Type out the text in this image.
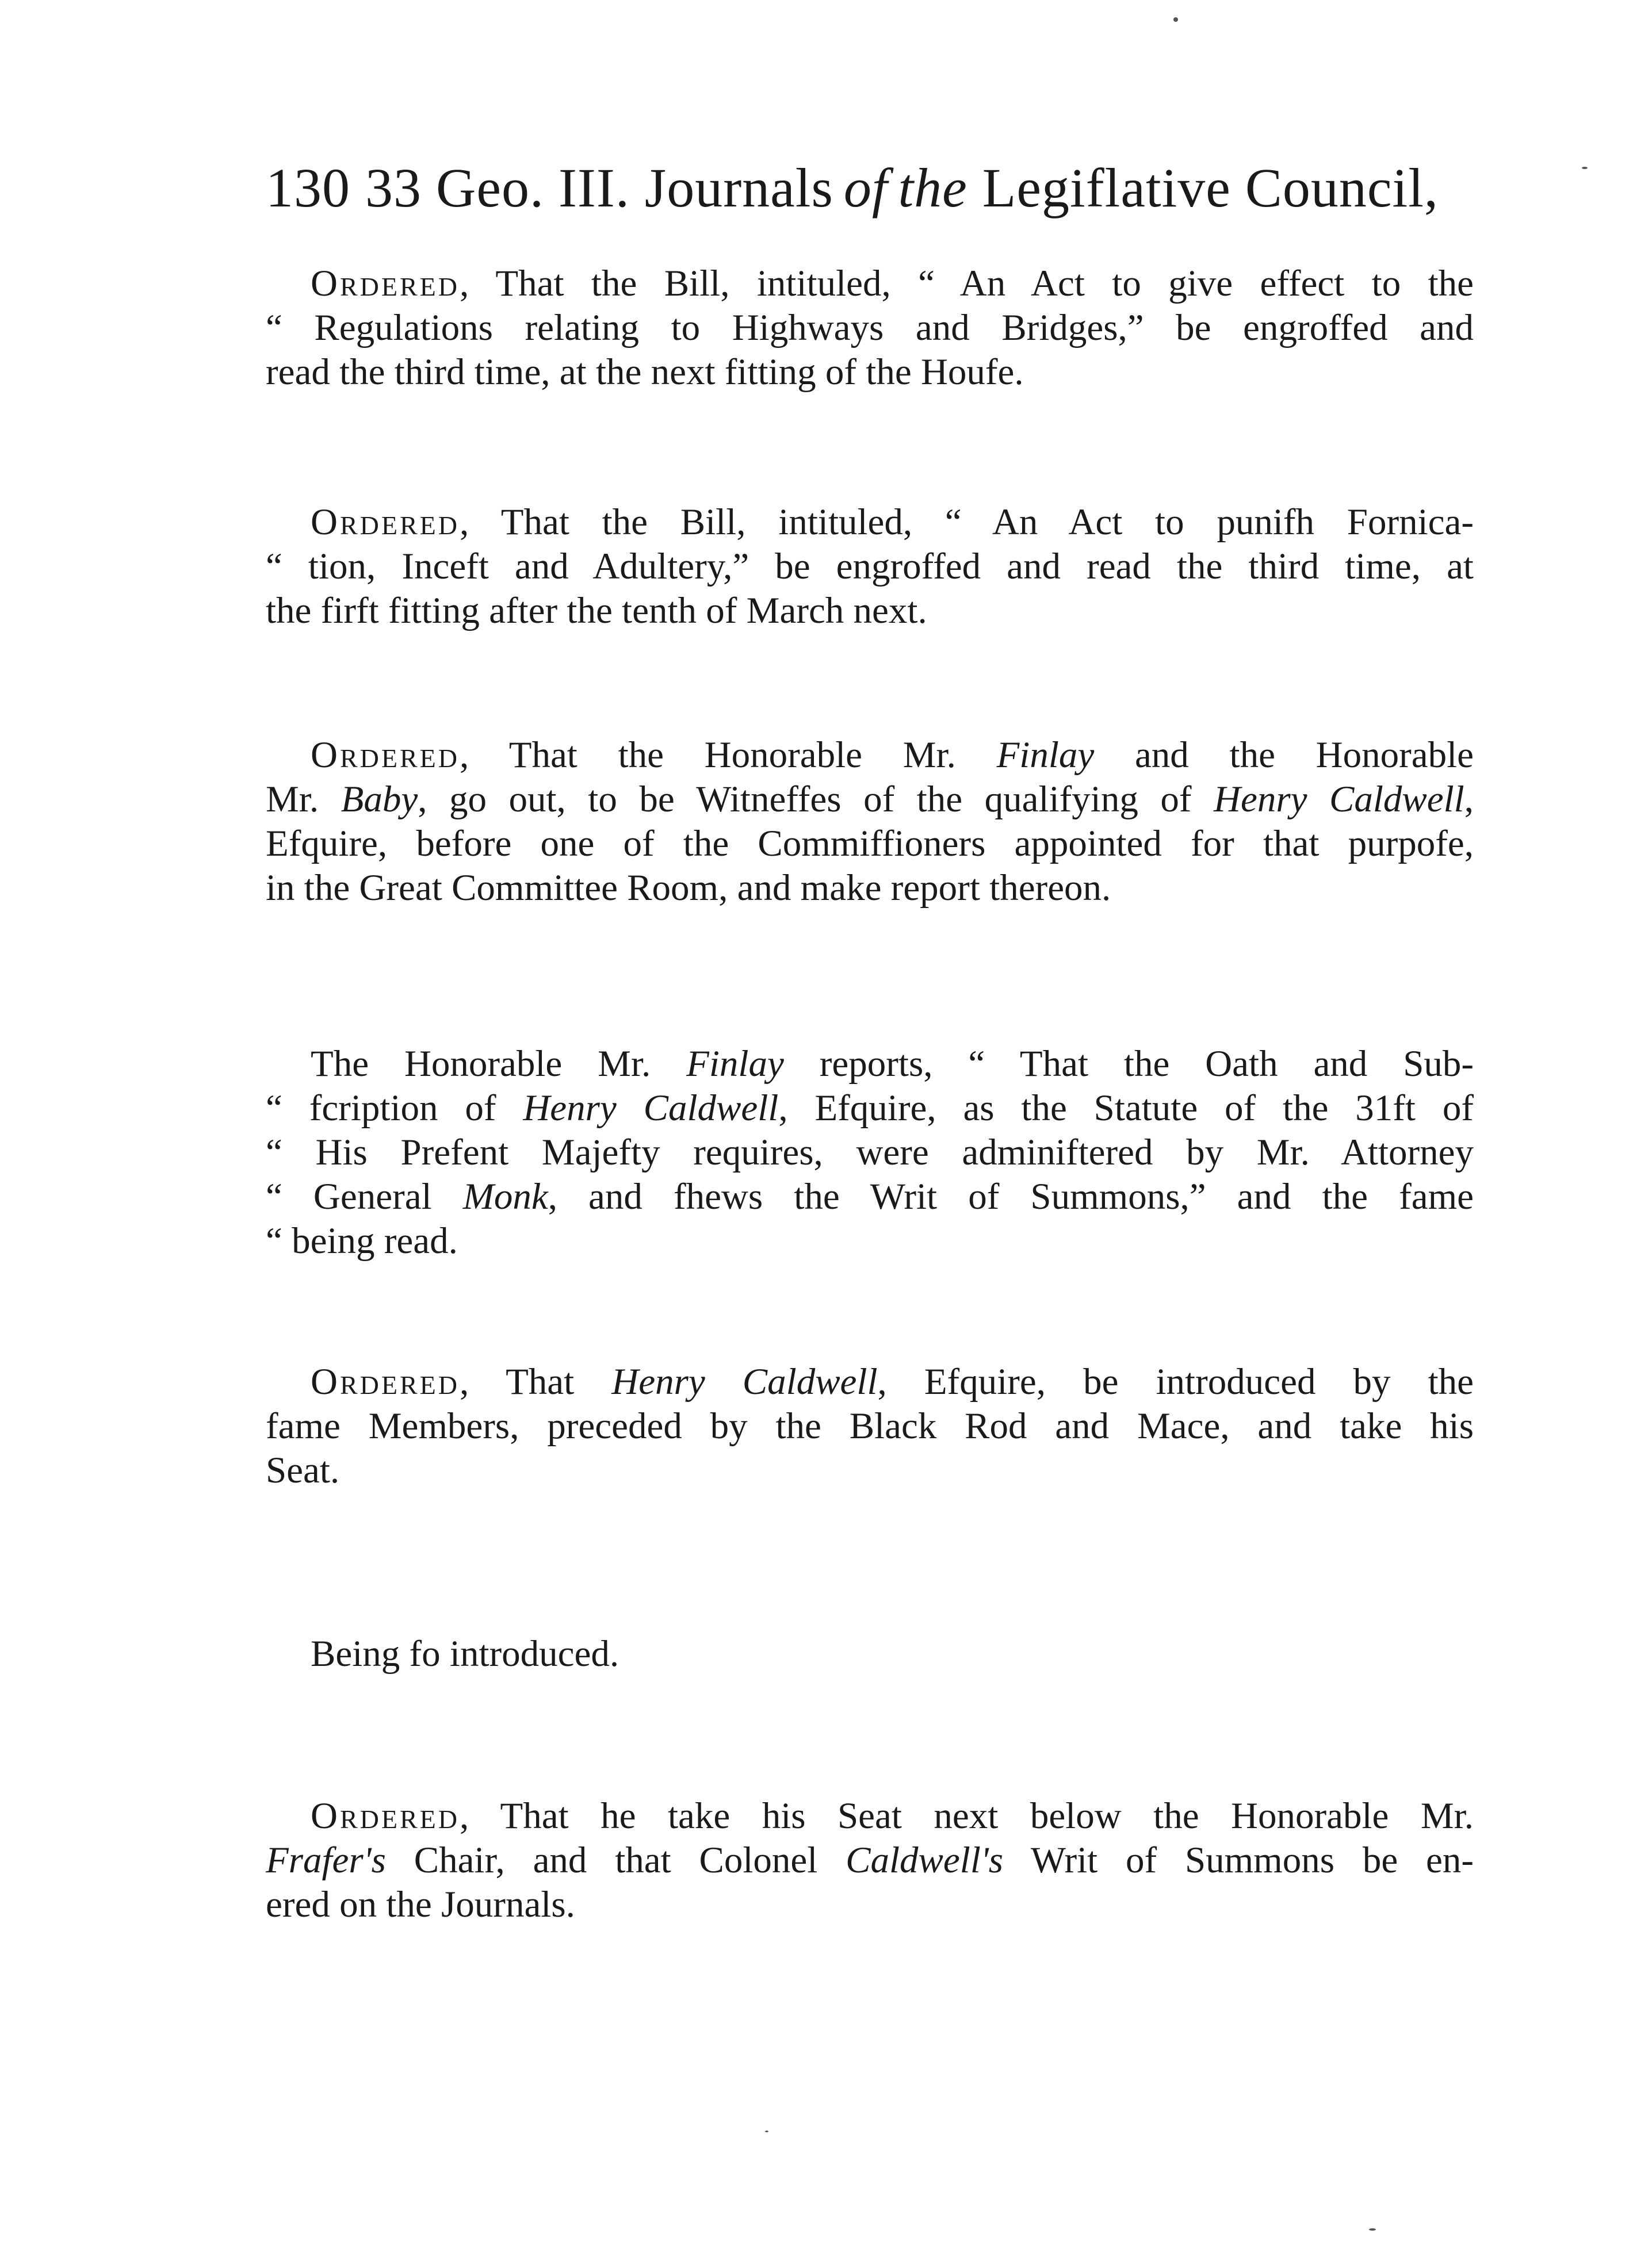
130 33 Geo. III. Journals of the Legiflative Council,
Ordered, That the Bill, intituled, “ An Act to give effect to the
“ Regulations relating to Highways and Bridges,” be engroffed and
read the third time, at the next fitting of the Houfe.
Ordered, That the Bill, intituled, “ An Act to punifh Fornica-
“ tion, Inceft and Adultery,” be engroffed and read the third time, at
the firft fitting after the tenth of March next.
Ordered, That the Honorable Mr. Finlay and the Honorable
Mr. Baby, go out, to be Witneffes of the qualifying of Henry Caldwell,
Efquire, before one of the Commiffioners appointed for that purpofe,
in the Great Committee Room, and make report thereon.
The Honorable Mr. Finlay reports, “ That the Oath and Sub-
“ fcription of Henry Caldwell, Efquire, as the Statute of the 31ft of
“ His Prefent Majefty requires, were adminiftered by Mr. Attorney
“ General Monk, and fhews the Writ of Summons,” and the fame
“ being read.
Ordered, That Henry Caldwell, Efquire, be introduced by the
fame Members, preceded by the Black Rod and Mace, and take his
Seat.
Being fo introduced.
Ordered, That he take his Seat next below the Honorable Mr.
Frafer's Chair, and that Colonel Caldwell's Writ of Summons be en-
ered on the Journals.
